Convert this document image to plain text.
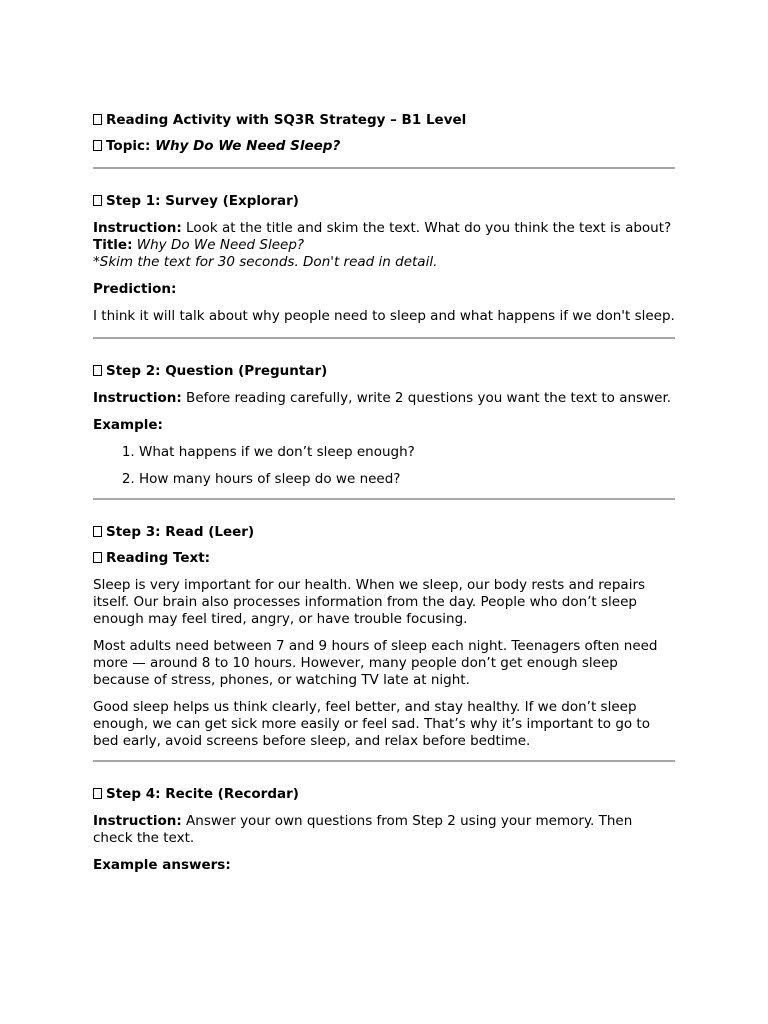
Reading Activity with SQ3R Strategy – B1 Level

Topic: Why Do We Need Sleep?

Step 1: Survey (Explorar)

Instruction: Look at the title and skim the text. What do you think the text is about?

Title: Why Do We Need Sleep?

*Skim the text for 30 seconds. Don't read in detail.

Prediction:

I think it will talk about why people need to sleep and what happens if we don't sleep.

Step 2: Question (Preguntar)

Instruction: Before reading carefully, write 2 questions you want the text to answer.

Example:

1. What happens if we don’t sleep enough?
2. How many hours of sleep do we need?

Step 3: Read (Leer)

Reading Text:

Sleep is very important for our health. When we sleep, our body rests and repairs itself. Our brain also processes information from the day. People who don’t sleep enough may feel tired, angry, or have trouble focusing.

Most adults need between 7 and 9 hours of sleep each night. Teenagers often need more — around 8 to 10 hours. However, many people don’t get enough sleep because of stress, phones, or watching TV late at night.

Good sleep helps us think clearly, feel better, and stay healthy. If we don’t sleep enough, we can get sick more easily or feel sad. That’s why it’s important to go to bed early, avoid screens before sleep, and relax before bedtime.

Step 4: Recite (Recordar)

Instruction: Answer your own questions from Step 2 using your memory. Then check the text.

Example answers:
